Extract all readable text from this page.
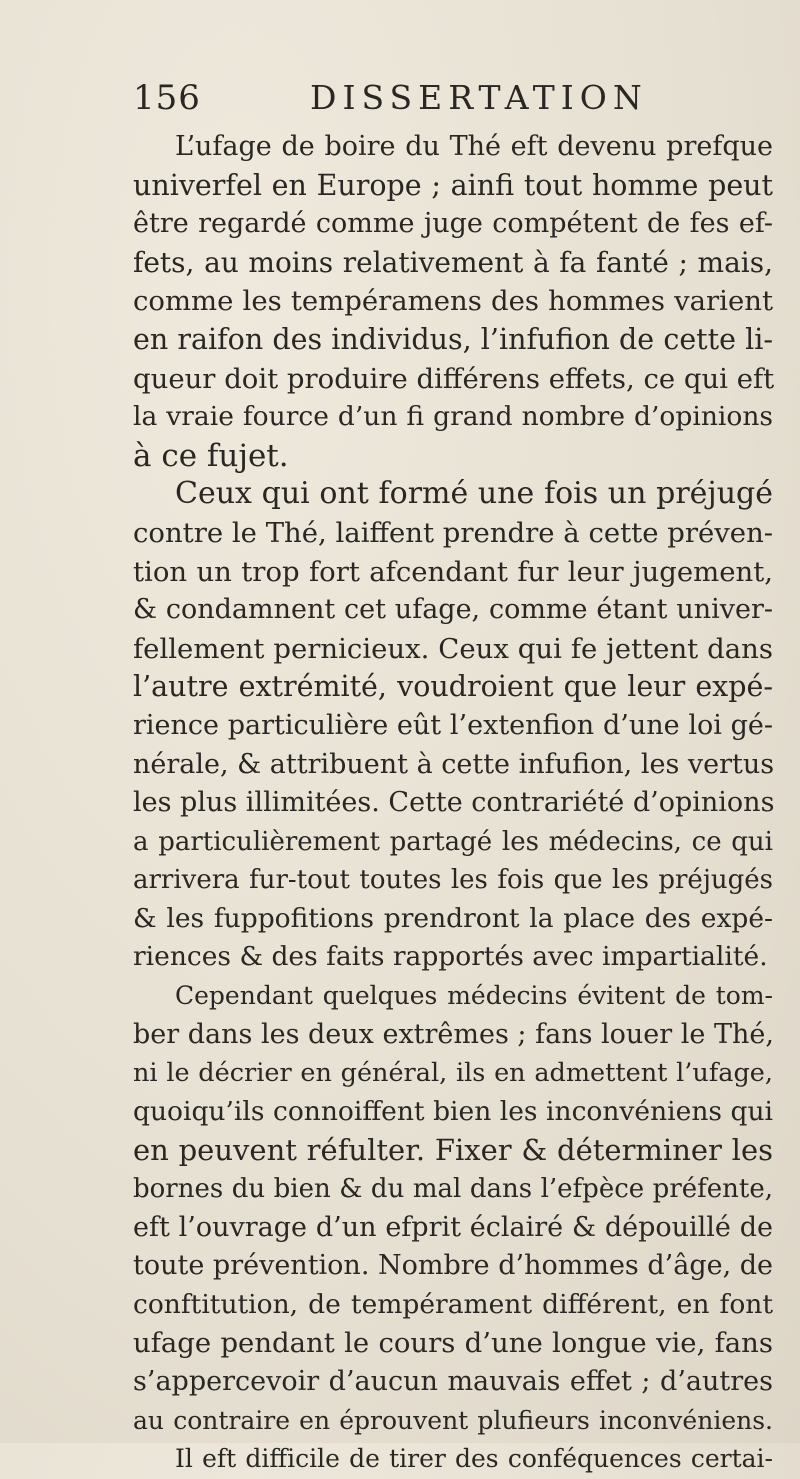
156	DISSERTATION
L’ufage de boire du Thé eft devenu prefque
univerfel en Europe ; ainfi tout homme peut
être regardé comme juge compétent de fes ef-
fets, au moins relativement à fa fanté ; mais,
comme les tempéramens des hommes varient
en raifon des individus, l’infufion de cette li-
queur doit produire différens effets, ce qui eft
la vraie fource d’un fi grand nombre d’opinions
à ce fujet.
Ceux qui ont formé une fois un préjugé
contre le Thé, laiffent prendre à cette préven-
tion un trop fort afcendant fur leur jugement,
& condamnent cet ufage, comme étant univer-
fellement pernicieux. Ceux qui fe jettent dans
l’autre extrémité, voudroient que leur expé-
rience particulière eût l’extenfion d’une loi gé-
nérale, & attribuent à cette infufion, les vertus
les plus illimitées. Cette contrariété d’opinions
a particulièrement partagé les médecins, ce qui
arrivera fur-tout toutes les fois que les préjugés
& les fuppofitions prendront la place des expé-
riences & des faits rapportés avec impartialité.
Cependant quelques médecins évitent de tom-
ber dans les deux extrêmes ; fans louer le Thé,
ni le décrier en général, ils en admettent l’ufage,
quoiqu’ils connoiffent bien les inconvéniens qui
en peuvent réfulter. Fixer & déterminer les
bornes du bien & du mal dans l’efpèce préfente,
eft l’ouvrage d’un efprit éclairé & dépouillé de
toute prévention. Nombre d’hommes d’âge, de
conftitution, de tempérament différent, en font
ufage pendant le cours d’une longue vie, fans
s’appercevoir d’aucun mauvais effet ; d’autres
au contraire en éprouvent plufieurs inconvéniens.
Il eft difficile de tirer des conféquences certai-
